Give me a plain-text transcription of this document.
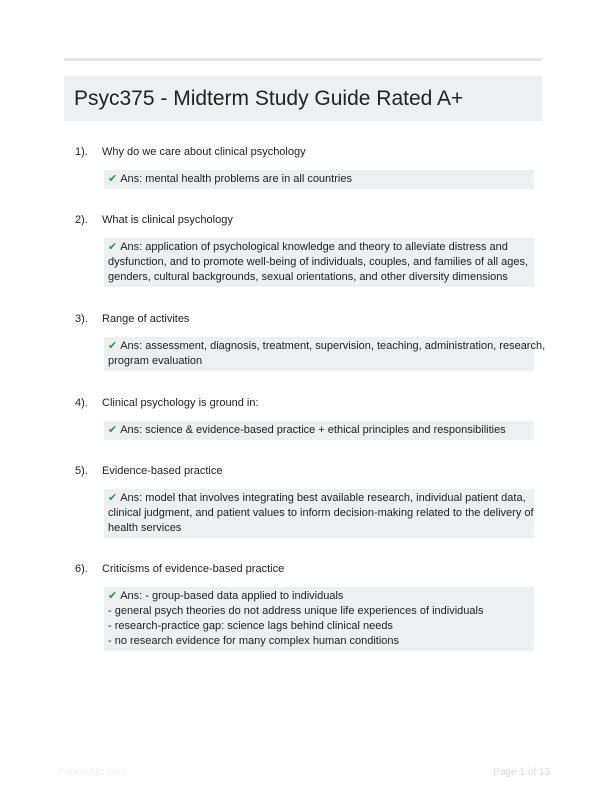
Psyc375 - Midterm Study Guide Rated A+
1). Why do we care about clinical psychology
✔ Ans: mental health problems are in all countries
2). What is clinical psychology
✔ Ans: application of psychological knowledge and theory to alleviate distress and
dysfunction, and to promote well-being of individuals, couples, and families of all ages,
genders, cultural backgrounds, sexual orientations, and other diversity dimensions
3). Range of activites
✔ Ans: assessment, diagnosis, treatment, supervision, teaching, administration, research,
program evaluation
4). Clinical psychology is ground in:
✔ Ans: science & evidence-based practice + ethical principles and responsibilities
5). Evidence-based practice
✔ Ans: model that involves integrating best available research, individual patient data,
clinical judgment, and patient values to inform decision-making related to the delivery of
health services
6). Criticisms of evidence-based practice
✔ Ans: - group-based data applied to individuals
- general psych theories do not address unique life experiences of individuals
- research-practice gap: science lags behind clinical needs
- no research evidence for many complex human conditions
PaperMillz.com	Page 1 of 13
